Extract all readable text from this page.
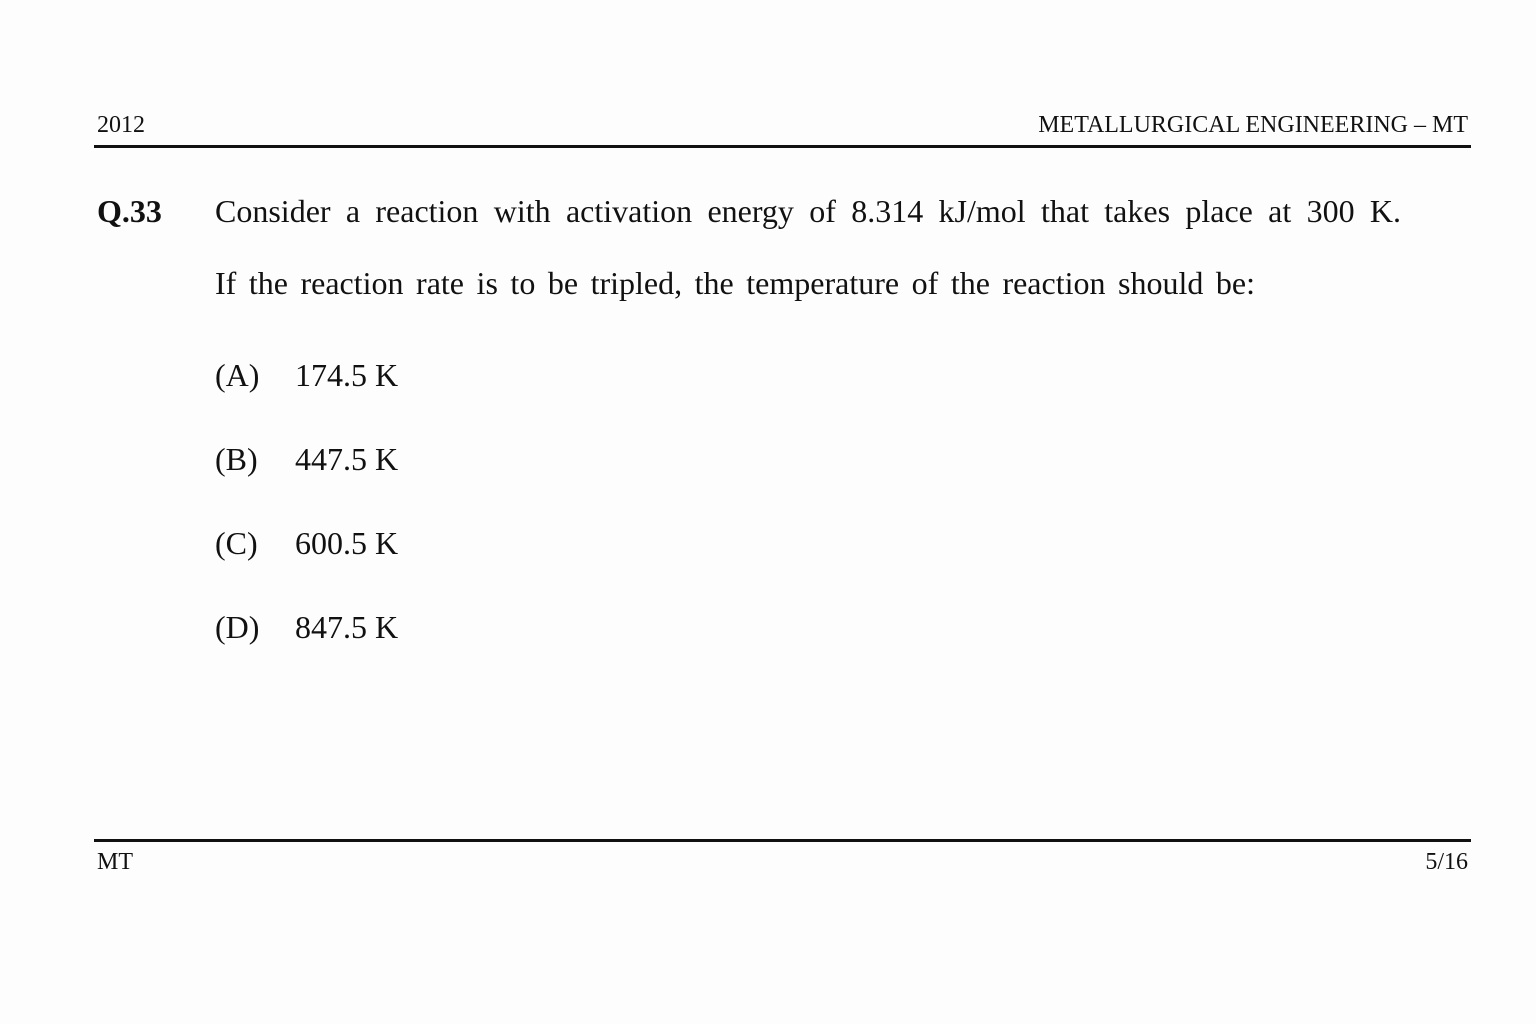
2012	METALLURGICAL ENGINEERING – MT
Q.33 Consider a reaction with activation energy of 8.314 kJ/mol that takes place at 300 K.
If the reaction rate is to be tripled, the temperature of the reaction should be:
(A) 174.5 K
(B) 447.5 K
(C) 600.5 K
(D) 847.5 K
MT	5/16
